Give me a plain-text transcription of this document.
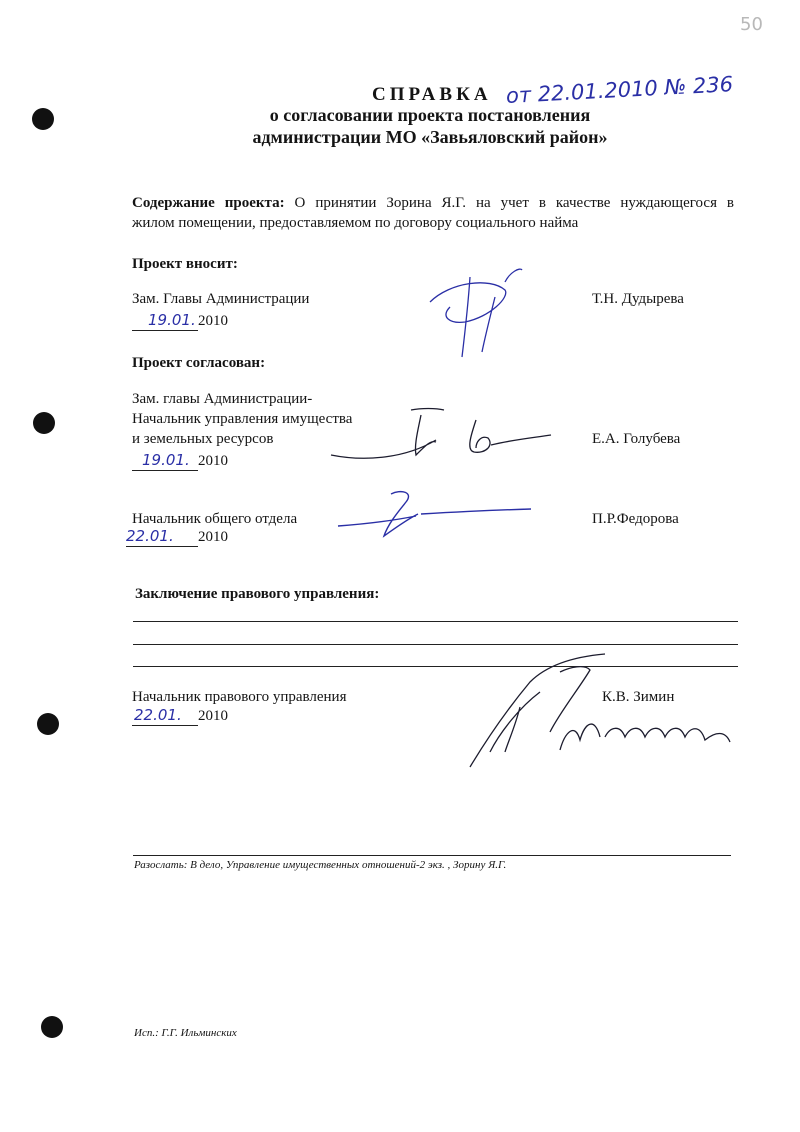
50
СПРАВКА от 22.01.2010 № 236
о согласовании проекта постановления
администрации МО «Завьяловский район»
Содержание проекта: О принятии Зорина Я.Г. на учет в качестве нуждающегося в
жилом помещении, предоставляемом по договору социального найма
Проект вносит:
Зам. Главы Администрации
19.01. 2010
Т.Н. Дудырева
Проект согласован:
Зам. главы Администрации-
Начальник управления имущества
и земельных ресурсов
19.01. 2010
Е.А. Голубева
Начальник общего отдела
22.01. 2010
П.Р.Федорова
Заключение правового управления:
Начальник правового управления
22.01. 2010
К.В. Зимин
Разослать: В дело, Управление имущественных отношений-2 экз. , Зорину Я.Г.
Исп.: Г.Г. Ильминских
